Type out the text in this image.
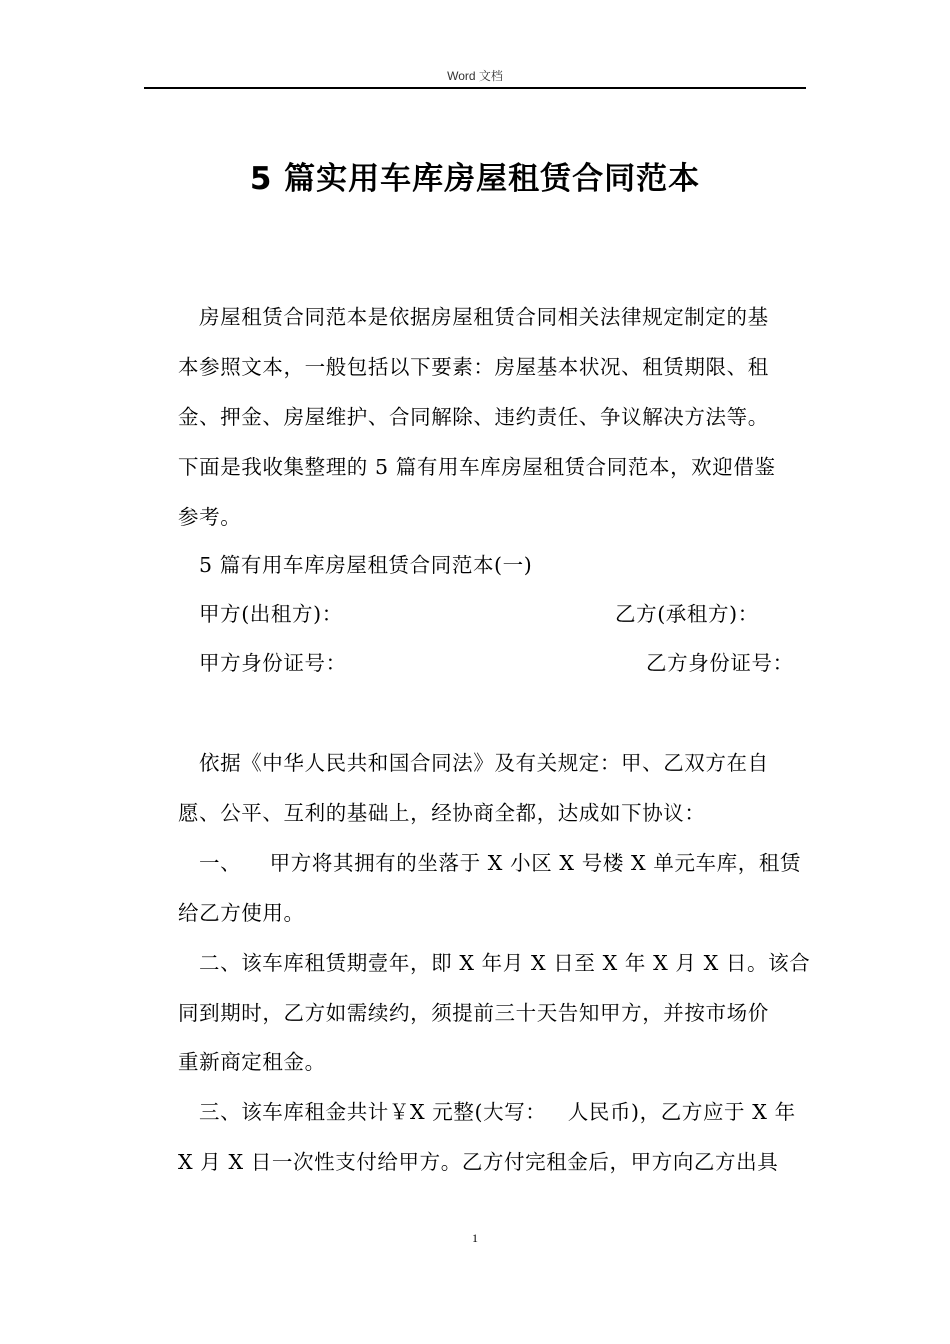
Word 文档
5 篇实用车库房屋租赁合同范本
房屋租赁合同范本是依据房屋租赁合同相关法律规定制定的基
本参照文本，一般包括以下要素：房屋基本状况、租赁期限、租
金、押金、房屋维护、合同解除、违约责任、争议解决方法等。
下面是我收集整理的 5 篇有用车库房屋租赁合同范本，欢迎借鉴
参考。
5 篇有用车库房屋租赁合同范本(一)
甲方(出租方)：	乙方(承租方)：
甲方身份证号：	乙方身份证号：
依据《中华人民共和国合同法》及有关规定：甲、乙双方在自
愿、公平、互利的基础上，经协商全都，达成如下协议：
一、    甲方将其拥有的坐落于 X 小区 X 号楼 X 单元车库，租赁
给乙方使用。
二、该车库租赁期壹年，即 X 年月 X 日至 X 年 X 月 X 日。该合
同到期时，乙方如需续约，须提前三十天告知甲方，并按市场价
重新商定租金。
三、该车库租金共计￥X 元整(大写：   人民币)，乙方应于 X 年
X 月 X 日一次性支付给甲方。乙方付完租金后，甲方向乙方出具
1
